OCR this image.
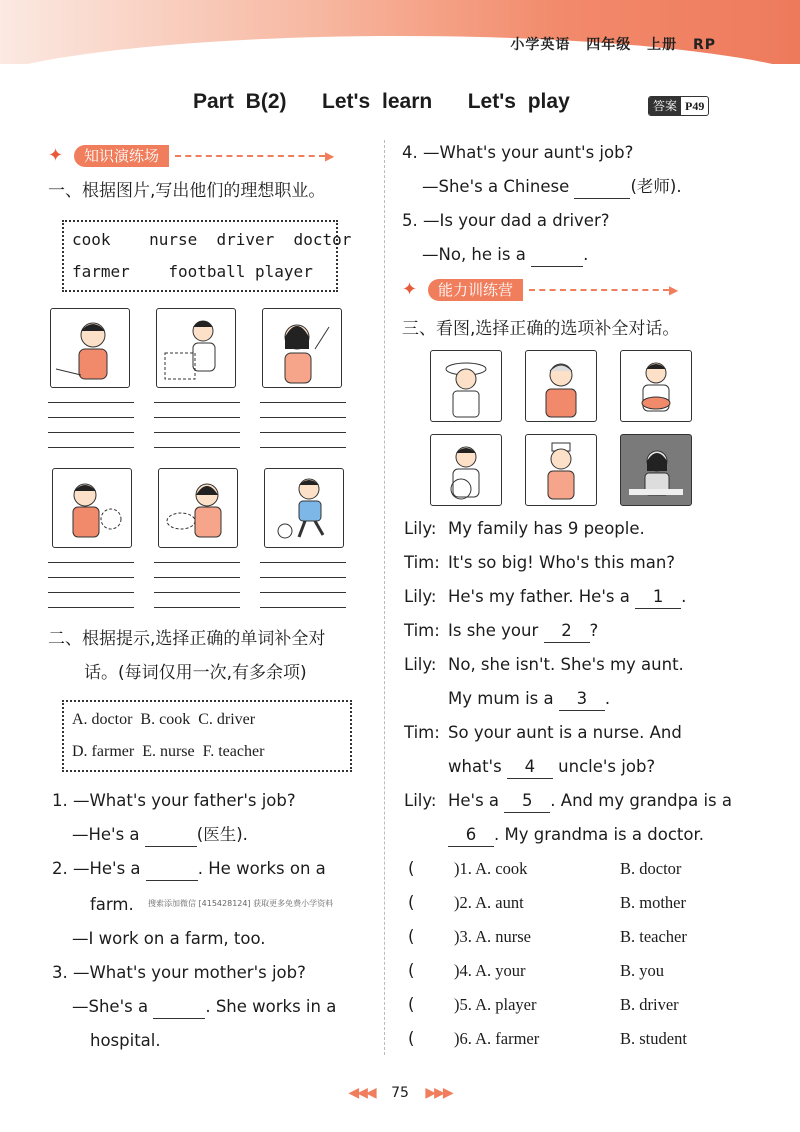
小学英语 四年级 上册 RP
Part B(2)   Let's learn   Let's play	答案 P49
✦	知识演练场	▶
一、根据图片,写出他们的理想职业。
cook    nurse  driver  doctor
farmer    football player
二、根据提示,选择正确的单词补全对
话。(每词仅用一次,有多余项)
A. doctor  B. cook  C. driver
D. farmer  E. nurse  F. teacher
1. —What's your father's job?
—He's a	(医生).
2. —He's a	. He works on a
farm. 搜索添加微信 [415428124] 获取更多免费小学资料
—I work on a farm, too.
3. —What's your mother's job?
—She's a	. She works in a
hospital.
4. —What's your aunt's job?
—She's a Chinese	(老师).
5. —Is your dad a driver?
—No, he is a	.
✦	能力训练营	▶
三、看图,选择正确的选项补全对话。
Lily: My family has 9 people.
Tim: It's so big! Who's this man?
Lily: He's my father. He's a 1 .
Tim: Is she your 2 ?
Lily: No, she isn't. She's my aunt.
My mum is a 3 .
Tim: So your aunt is a nurse. And
what's 4 uncle's job?
Lily: He's a 5 . And my grandpa is a
6 . My grandma is a doctor.
( )1. A. cook	B. doctor
( )2. A. aunt	B. mother
( )3. A. nurse	B. teacher
( )4. A. your	B. you
( )5. A. player	B. driver
( )6. A. farmer	B. student
◀◀◀ 75 ▶▶▶
